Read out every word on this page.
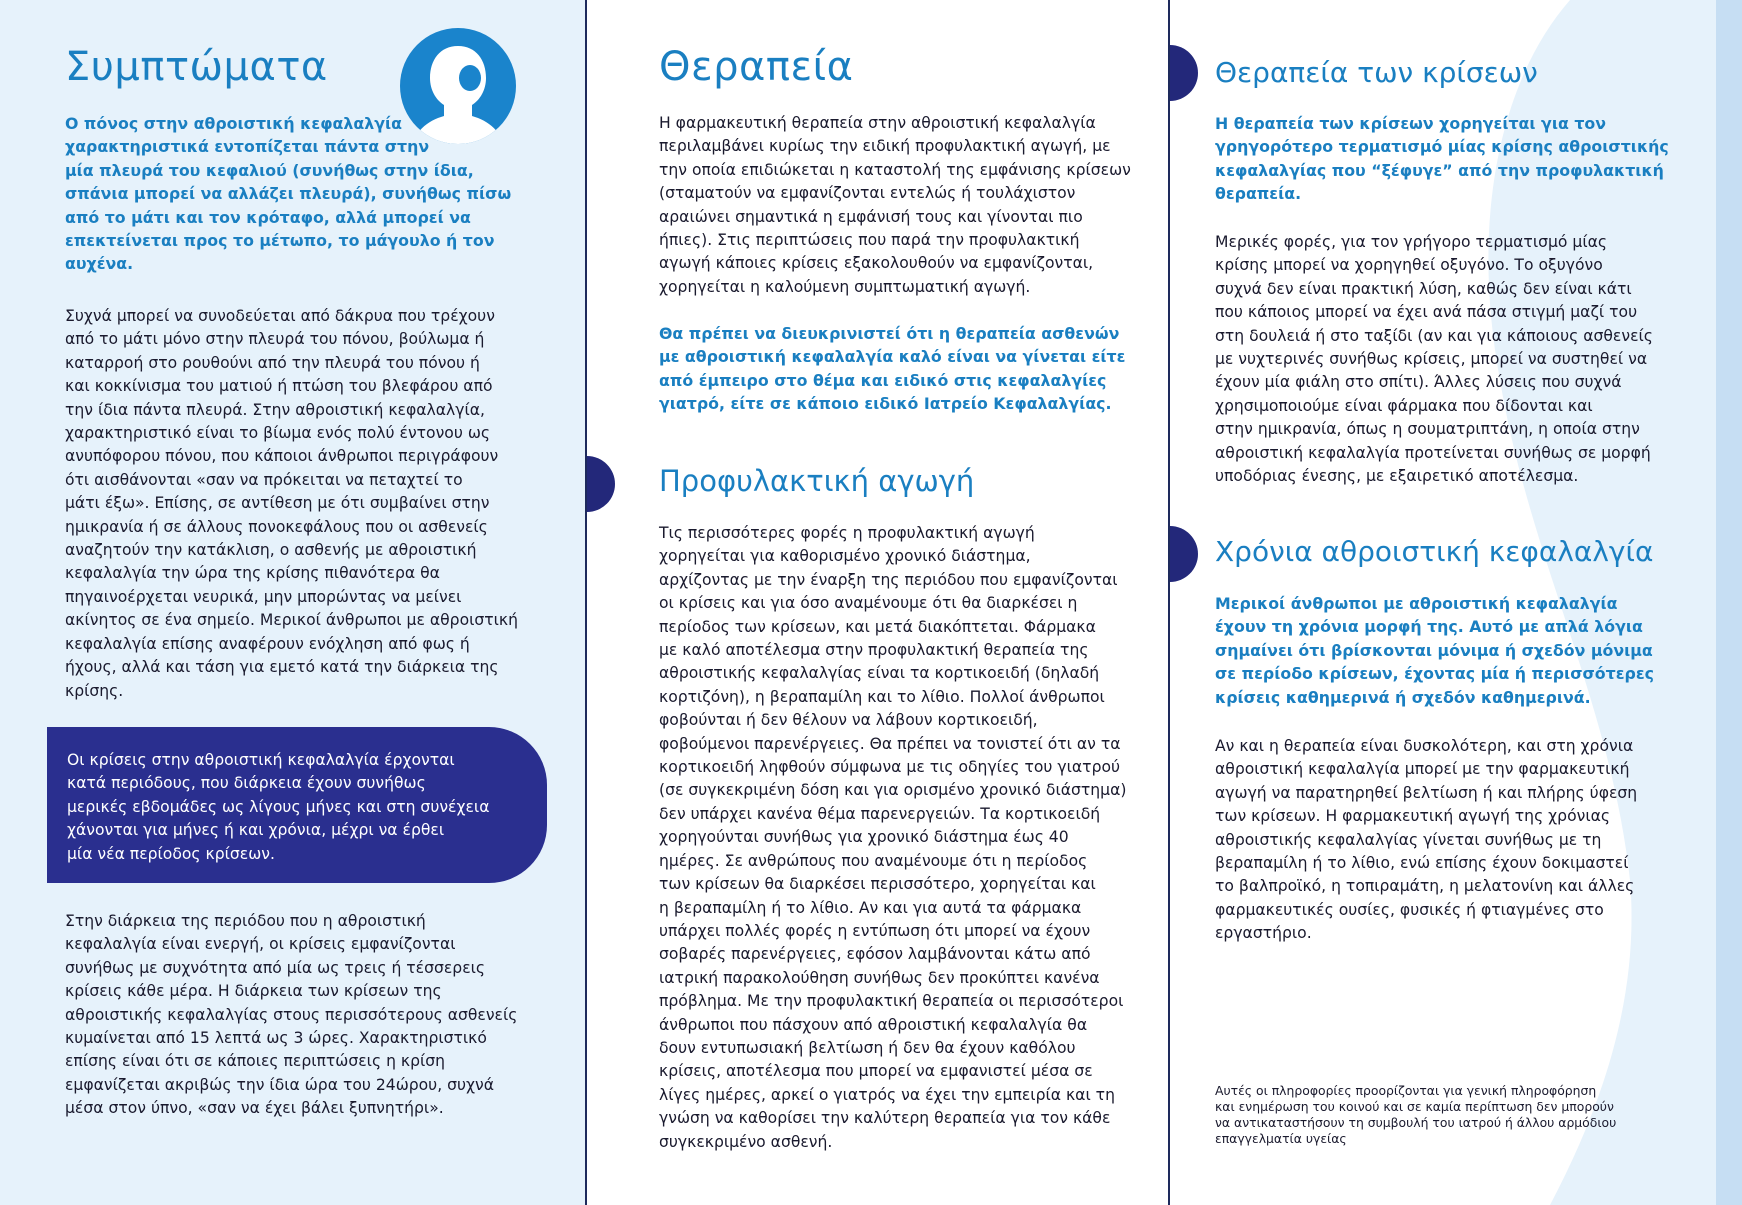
Συμπτώματα
Ο πόνος στην αθροιστική κεφαλαλγία
χαρακτηριστικά εντοπίζεται πάντα στην
μία πλευρά του κεφαλιού (συνήθως στην ίδια,
σπάνια μπορεί να αλλάζει πλευρά), συνήθως πίσω
από το μάτι και τον κρόταφο, αλλά μπορεί να
επεκτείνεται προς το μέτωπο, το μάγουλο ή τον
αυχένα.
Συχνά μπορεί να συνοδεύεται από δάκρυα που τρέχουν
από το μάτι μόνο στην πλευρά του πόνου, βούλωμα ή
καταρροή στο ρουθούνι από την πλευρά του πόνου ή
και κοκκίνισμα του ματιού ή πτώση του βλεφάρου από
την ίδια πάντα πλευρά. Στην αθροιστική κεφαλαλγία,
χαρακτηριστικό είναι το βίωμα ενός πολύ έντονου ως
ανυπόφορου πόνου, που κάποιοι άνθρωποι περιγράφουν
ότι αισθάνονται «σαν να πρόκειται να πεταχτεί το
μάτι έξω». Επίσης, σε αντίθεση με ότι συμβαίνει στην
ημικρανία ή σε άλλους πονοκεφάλους που οι ασθενείς
αναζητούν την κατάκλιση, ο ασθενής με αθροιστική
κεφαλαλγία την ώρα της κρίσης πιθανότερα θα
πηγαινοέρχεται νευρικά, μην μπορώντας να μείνει
ακίνητος σε ένα σημείο. Μερικοί άνθρωποι με αθροιστική
κεφαλαλγία επίσης αναφέρουν ενόχληση από φως ή
ήχους, αλλά και τάση για εμετό κατά την διάρκεια της
κρίσης.
Οι κρίσεις στην αθροιστική κεφαλαλγία έρχονται
κατά περιόδους, που διάρκεια έχουν συνήθως
μερικές εβδομάδες ως λίγους μήνες και στη συνέχεια
χάνονται για μήνες ή και χρόνια, μέχρι να έρθει
μία νέα περίοδος κρίσεων.
Στην διάρκεια της περιόδου που η αθροιστική
κεφαλαλγία είναι ενεργή, οι κρίσεις εμφανίζονται
συνήθως με συχνότητα από μία ως τρεις ή τέσσερεις
κρίσεις κάθε μέρα. Η διάρκεια των κρίσεων της
αθροιστικής κεφαλαλγίας στους περισσότερους ασθενείς
κυμαίνεται από 15 λεπτά ως 3 ώρες. Χαρακτηριστικό
επίσης είναι ότι σε κάποιες περιπτώσεις η κρίση
εμφανίζεται ακριβώς την ίδια ώρα του 24ώρου, συχνά
μέσα στον ύπνο, «σαν να έχει βάλει ξυπνητήρι».
Θεραπεία
Η φαρμακευτική θεραπεία στην αθροιστική κεφαλαλγία
περιλαμβάνει κυρίως την ειδική προφυλακτική αγωγή, με
την οποία επιδιώκεται η καταστολή της εμφάνισης κρίσεων
(σταματούν να εμφανίζονται εντελώς ή τουλάχιστον
αραιώνει σημαντικά η εμφάνισή τους και γίνονται πιο
ήπιες). Στις περιπτώσεις που παρά την προφυλακτική
αγωγή κάποιες κρίσεις εξακολουθούν να εμφανίζονται,
χορηγείται η καλούμενη συμπτωματική αγωγή.
Θα πρέπει να διευκρινιστεί ότι η θεραπεία ασθενών
με αθροιστική κεφαλαλγία καλό είναι να γίνεται είτε
από έμπειρο στο θέμα και ειδικό στις κεφαλαλγίες
γιατρό, είτε σε κάποιο ειδικό Ιατρείο Κεφαλαλγίας.
Προφυλακτική αγωγή
Τις περισσότερες φορές η προφυλακτική αγωγή
χορηγείται για καθορισμένο χρονικό διάστημα,
αρχίζοντας με την έναρξη της περιόδου που εμφανίζονται
οι κρίσεις και για όσο αναμένουμε ότι θα διαρκέσει η
περίοδος των κρίσεων, και μετά διακόπτεται. Φάρμακα
με καλό αποτέλεσμα στην προφυλακτική θεραπεία της
αθροιστικής κεφαλαλγίας είναι τα κορτικοειδή (δηλαδή
κορτιζόνη), η βεραπαμίλη και το λίθιο. Πολλοί άνθρωποι
φοβούνται ή δεν θέλουν να λάβουν κορτικοειδή,
φοβούμενοι παρενέργειες. Θα πρέπει να τονιστεί ότι αν τα
κορτικοειδή ληφθούν σύμφωνα με τις οδηγίες του γιατρού
(σε συγκεκριμένη δόση και για ορισμένο χρονικό διάστημα)
δεν υπάρχει κανένα θέμα παρενεργειών. Τα κορτικοειδή
χορηγούνται συνήθως για χρονικό διάστημα έως 40
ημέρες. Σε ανθρώπους που αναμένουμε ότι η περίοδος
των κρίσεων θα διαρκέσει περισσότερο, χορηγείται και
η βεραπαμίλη ή το λίθιο. Αν και για αυτά τα φάρμακα
υπάρχει πολλές φορές η εντύπωση ότι μπορεί να έχουν
σοβαρές παρενέργειες, εφόσον λαμβάνονται κάτω από
ιατρική παρακολούθηση συνήθως δεν προκύπτει κανένα
πρόβλημα. Με την προφυλακτική θεραπεία οι περισσότεροι
άνθρωποι που πάσχουν από αθροιστική κεφαλαλγία θα
δουν εντυπωσιακή βελτίωση ή δεν θα έχουν καθόλου
κρίσεις, αποτέλεσμα που μπορεί να εμφανιστεί μέσα σε
λίγες ημέρες, αρκεί ο γιατρός να έχει την εμπειρία και τη
γνώση να καθορίσει την καλύτερη θεραπεία για τον κάθε
συγκεκριμένο ασθενή.
Θεραπεία των κρίσεων
Η θεραπεία των κρίσεων χορηγείται για τον
γρηγορότερο τερματισμό μίας κρίσης αθροιστικής
κεφαλαλγίας που “ξέφυγε” από την προφυλακτική
θεραπεία.
Μερικές φορές, για τον γρήγορο τερματισμό μίας
κρίσης μπορεί να χορηγηθεί οξυγόνο. Το οξυγόνο
συχνά δεν είναι πρακτική λύση, καθώς δεν είναι κάτι
που κάποιος μπορεί να έχει ανά πάσα στιγμή μαζί του
στη δουλειά ή στο ταξίδι (αν και για κάποιους ασθενείς
με νυχτερινές συνήθως κρίσεις, μπορεί να συστηθεί να
έχουν μία φιάλη στο σπίτι). Άλλες λύσεις που συχνά
χρησιμοποιούμε είναι φάρμακα που δίδονται και
στην ημικρανία, όπως η σουματριπτάνη, η οποία στην
αθροιστική κεφαλαλγία προτείνεται συνήθως σε μορφή
υποδόριας ένεσης, με εξαιρετικό αποτέλεσμα.
Χρόνια αθροιστική κεφαλαλγία
Μερικοί άνθρωποι με αθροιστική κεφαλαλγία
έχουν τη χρόνια μορφή της. Αυτό με απλά λόγια
σημαίνει ότι βρίσκονται μόνιμα ή σχεδόν μόνιμα
σε περίοδο κρίσεων, έχοντας μία ή περισσότερες
κρίσεις καθημερινά ή σχεδόν καθημερινά.
Αν και η θεραπεία είναι δυσκολότερη, και στη χρόνια
αθροιστική κεφαλαλγία μπορεί με την φαρμακευτική
αγωγή να παρατηρηθεί βελτίωση ή και πλήρης ύφεση
των κρίσεων. Η φαρμακευτική αγωγή της χρόνιας
αθροιστικής κεφαλαλγίας γίνεται συνήθως με τη
βεραπαμίλη ή το λίθιο, ενώ επίσης έχουν δοκιμαστεί
το βαλπροϊκό, η τοπιραμάτη, η μελατονίνη και άλλες
φαρμακευτικές ουσίες, φυσικές ή φτιαγμένες στο
εργαστήριο.
Αυτές οι πληροφορίες προορίζονται για γενική πληροφόρηση
και ενημέρωση του κοινού και σε καμία περίπτωση δεν μπορούν
να αντικαταστήσουν τη συμβουλή του ιατρού ή άλλου αρμόδιου
επαγγελματία υγείας
